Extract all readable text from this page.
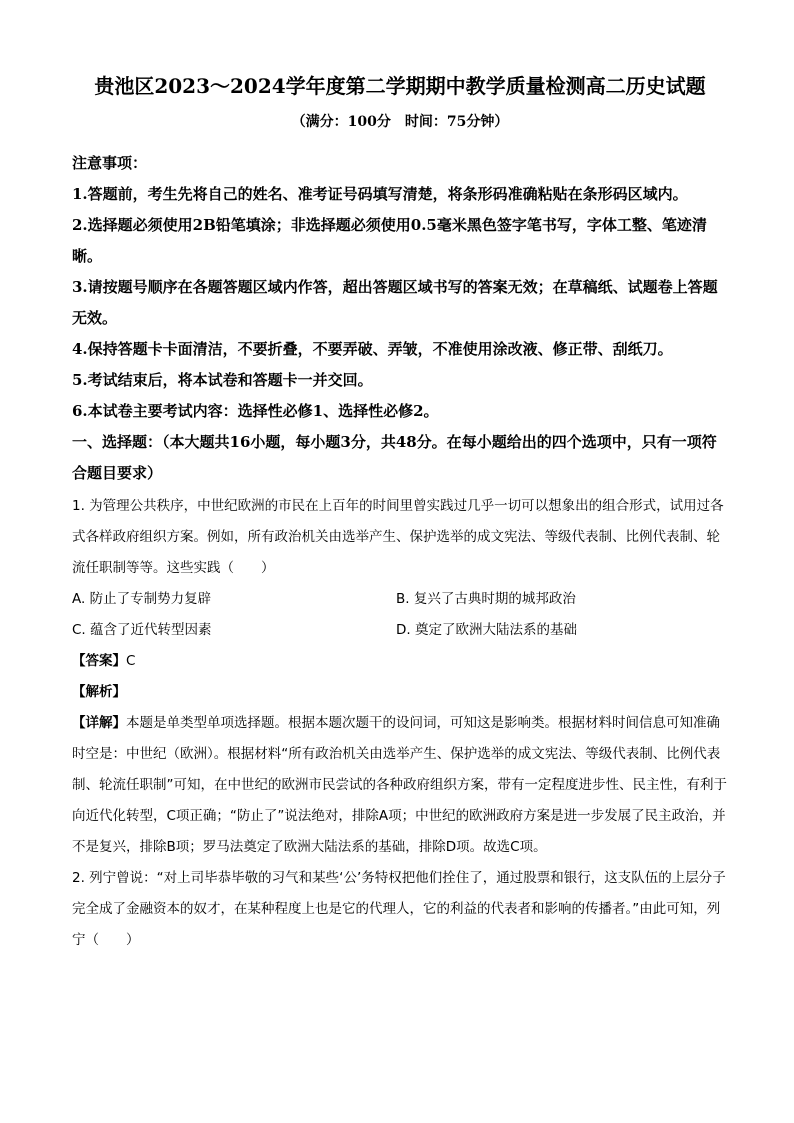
贵池区2023～2024学年度第二学期期中教学质量检测高二历史试题
（满分：100分　时间：75分钟）
注意事项：
1.答题前，考生先将自己的姓名、准考证号码填写清楚，将条形码准确粘贴在条形码区域内。
2.选择题必须使用2B铅笔填涂；非选择题必须使用0.5毫米黑色签字笔书写，字体工整、笔迹清晰。
3.请按题号顺序在各题答题区域内作答，超出答题区域书写的答案无效；在草稿纸、试题卷上答题无效。
4.保持答题卡卡面清洁，不要折叠，不要弄破、弄皱，不准使用涂改液、修正带、刮纸刀。
5.考试结束后，将本试卷和答题卡一并交回。
6.本试卷主要考试内容：选择性必修1、选择性必修2。
一、选择题：（本大题共16小题，每小题3分，共48分。在每小题给出的四个选项中，只有一项符合题目要求）
1. 为管理公共秩序，中世纪欧洲的市民在上百年的时间里曾实践过几乎一切可以想象出的组合形式，试用过各式各样政府组织方案。例如，所有政治机关由选举产生、保护选举的成文宪法、等级代表制、比例代表制、轮流任职制等等。这些实践（　　）
A. 防止了专制势力复辟	B. 复兴了古典时期的城邦政治
C. 蕴含了近代转型因素	D. 奠定了欧洲大陆法系的基础
【答案】C
【解析】
【详解】本题是单类型单项选择题。根据本题次题干的设问词，可知这是影响类。根据材料时间信息可知准确时空是：中世纪（欧洲）。根据材料“所有政治机关由选举产生、保护选举的成文宪法、等级代表制、比例代表制、轮流任职制”可知，在中世纪的欧洲市民尝试的各种政府组织方案，带有一定程度进步性、民主性，有利于向近代化转型，C项正确；“防止了”说法绝对，排除A项；中世纪的欧洲政府方案是进一步发展了民主政治，并不是复兴，排除B项；罗马法奠定了欧洲大陆法系的基础，排除D项。故选C项。
2. 列宁曾说：“对上司毕恭毕敬的习气和某些‘公’务特权把他们拴住了，通过股票和银行，这支队伍的上层分子完全成了金融资本的奴才，在某种程度上也是它的代理人，它的利益的代表者和影响的传播者。”由此可知，列宁（　　）
